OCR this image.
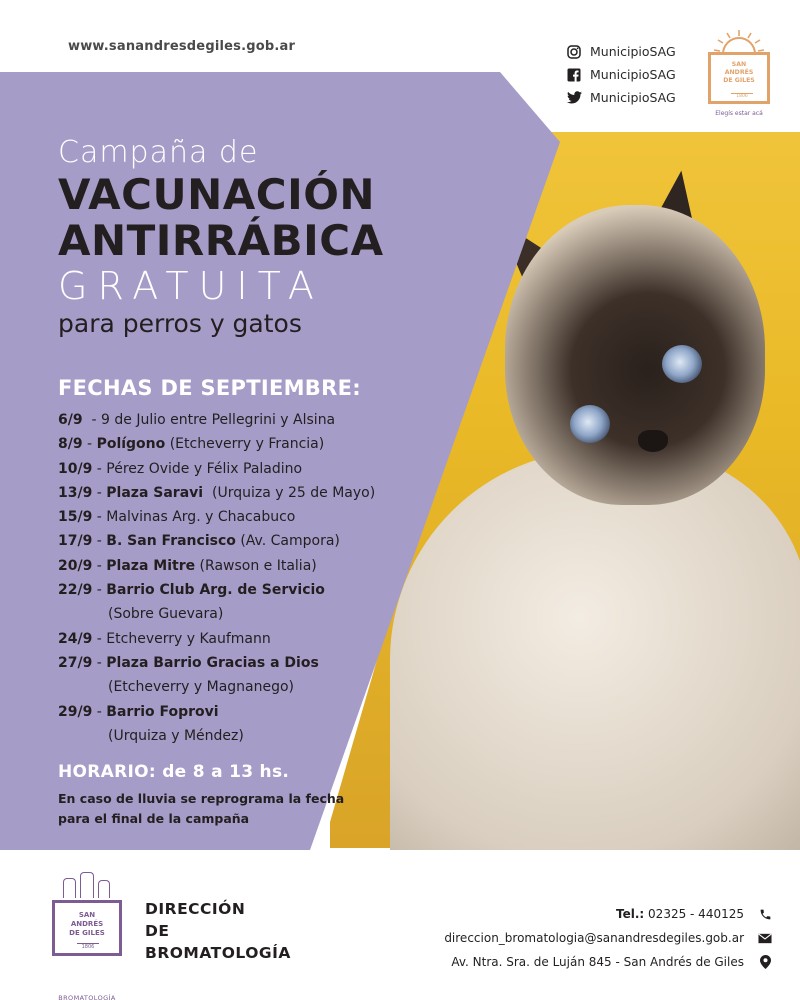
www.sanandresdegiles.gob.ar	MunicipioSAG
MunicipioSAG
MunicipioSAG
SAN
ANDRÉS
DE GILES
1806
Elegís estar acá
Campaña de
VACUNACIÓN
ANTIRRÁBICA
GRATUITA
para perros y gatos
FECHAS DE SEPTIEMBRE:
6/9  - 9 de Julio entre Pellegrini y Alsina
8/9 - Polígono (Etcheverry y Francia)
10/9 - Pérez Ovide y Félix Paladino
13/9 - Plaza Saravi  (Urquiza y 25 de Mayo)
15/9 - Malvinas Arg. y Chacabuco
17/9 - B. San Francisco (Av. Campora)
20/9 - Plaza Mitre (Rawson e Italia)
22/9 - Barrio Club Arg. de Servicio
(Sobre Guevara)
24/9 - Etcheverry y Kaufmann
27/9 - Plaza Barrio Gracias a Dios
(Etcheverry y Magnanego)
29/9 - Barrio Foprovi
(Urquiza y Méndez)
HORARIO: de 8 a 13 hs.
En caso de lluvia se reprograma la fecha para el final de la campaña
SAN
ANDRÉS
DE GILES
1806
BROMATOLOGÍA
DIRECCIÓN
DE
BROMATOLOGÍA
Tel.: 02325 - 440125
direccion_bromatologia@sanandresdegiles.gob.ar
Av. Ntra. Sra. de Luján 845 - San Andrés de Giles
